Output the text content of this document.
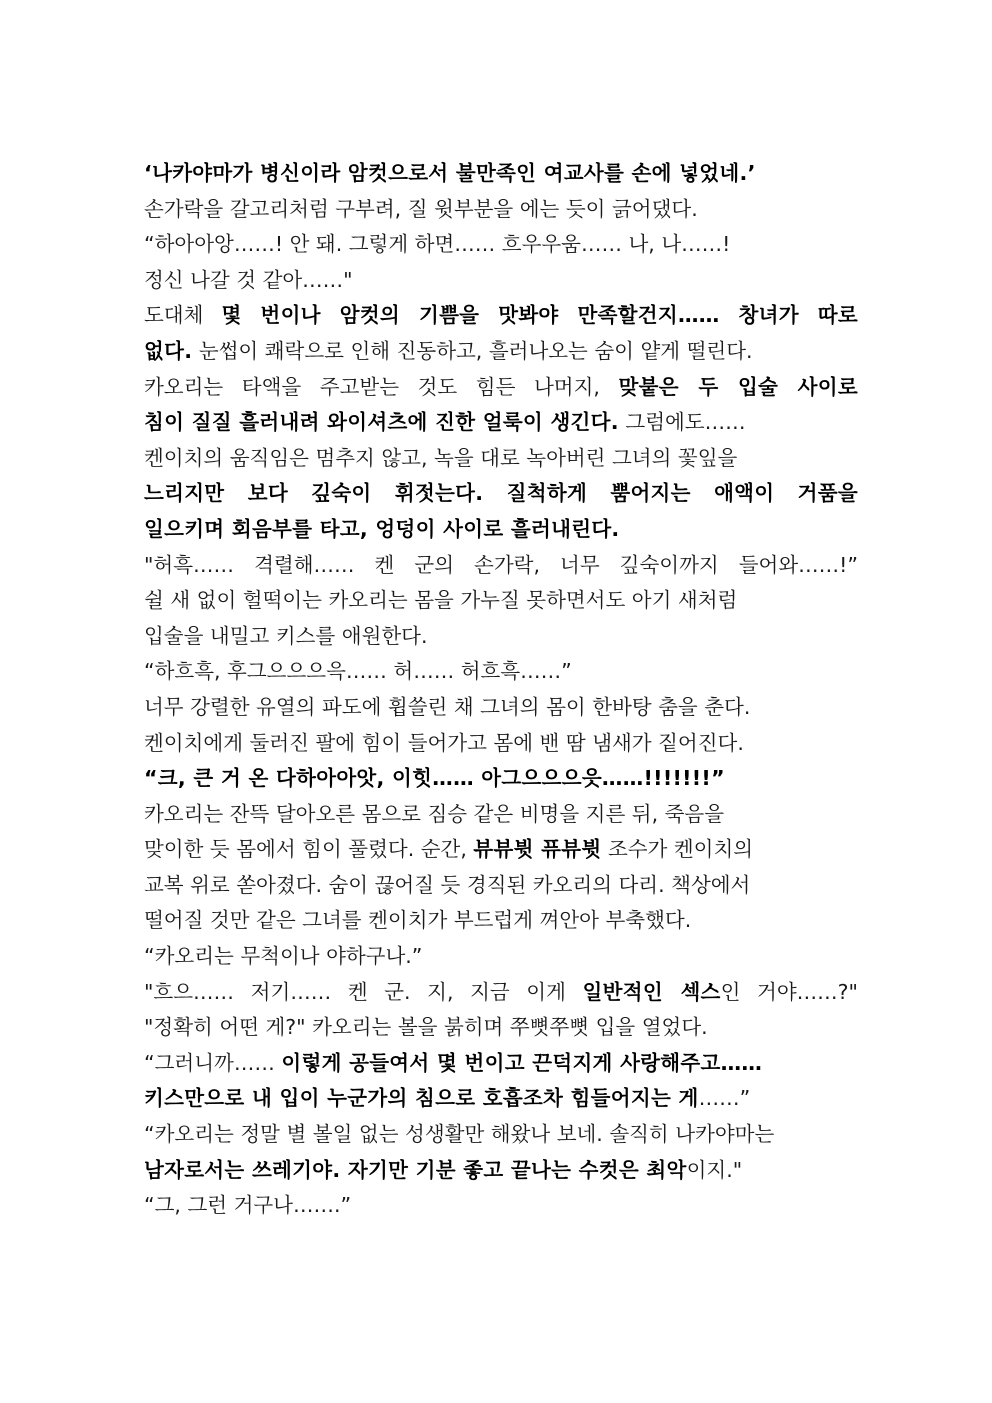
‘나카야마가 병신이라 암컷으로서 불만족인 여교사를 손에 넣었네.’
손가락을 갈고리처럼 구부려, 질 윗부분을 에는 듯이 긁어댔다.
“하아아앙……! 안 돼. 그렇게 하면…… 흐우우움…… 나, 나……!
정신 나갈 것 같아……"
도대체 몇 번이나 암컷의 기쁨을 맛봐야 만족할건지…… 창녀가 따로
없다. 눈썹이 쾌락으로 인해 진동하고, 흘러나오는 숨이 얕게 떨린다.
카오리는 타액을 주고받는 것도 힘든 나머지, 맞붙은 두 입술 사이로
침이 질질 흘러내려 와이셔츠에 진한 얼룩이 생긴다. 그럼에도……
켄이치의 움직임은 멈추지 않고, 녹을 대로 녹아버린 그녀의 꽃잎을
느리지만 보다 깊숙이 휘젓는다. 질척하게 뿜어지는 애액이 거품을
일으키며 회음부를 타고, 엉덩이 사이로 흘러내린다.
"허흑…… 격렬해…… 켄 군의 손가락, 너무 깊숙이까지 들어와……!”
쉴 새 없이 헐떡이는 카오리는 몸을 가누질 못하면서도 아기 새처럼
입술을 내밀고 키스를 애원한다.
“하흐흑, 후그으으으윽…… 허…… 허흐흑……”
너무 강렬한 유열의 파도에 휩쓸린 채 그녀의 몸이 한바탕 춤을 춘다.
켄이치에게 둘러진 팔에 힘이 들어가고 몸에 밴 땀 냄새가 짙어진다.
“크, 큰 거 온 다하아아앗, 이힛…… 아그으으으읏……!!!!!!!”
카오리는 잔뜩 달아오른 몸으로 짐승 같은 비명을 지른 뒤, 죽음을
맞이한 듯 몸에서 힘이 풀렸다. 순간, 뷰뷰뷧 퓨뷰뷧 조수가 켄이치의
교복 위로 쏟아졌다. 숨이 끊어질 듯 경직된 카오리의 다리. 책상에서
떨어질 것만 같은 그녀를 켄이치가 부드럽게 껴안아 부축했다.
“카오리는 무척이나 야하구나.”
"흐으…… 저기…… 켄 군. 지, 지금 이게 일반적인 섹스인 거야……?"
"정확히 어떤 게?" 카오리는 볼을 붉히며 쭈뼛쭈뼛 입을 열었다.
“그러니까…… 이렇게 공들여서 몇 번이고 끈덕지게 사랑해주고……
키스만으로 내 입이 누군가의 침으로 호흡조차 힘들어지는 게……”
“카오리는 정말 별 볼일 없는 성생활만 해왔나 보네. 솔직히 나카야마는
남자로서는 쓰레기야. 자기만 기분 좋고 끝나는 수컷은 최악이지."
“그, 그런 거구나…….”
